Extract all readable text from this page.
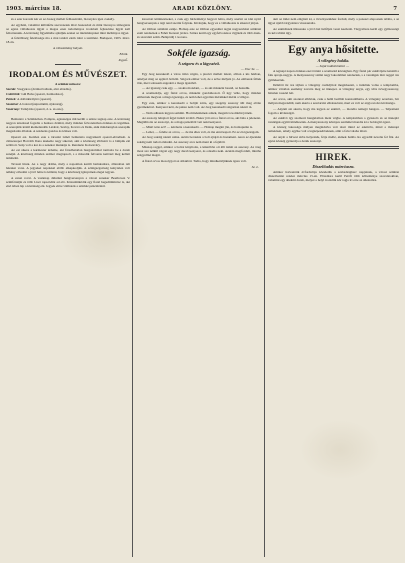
1903. március 18.	ARADI KÖZLÖNY.	7

és a ezer koronát kér ez az összeg mellett felhasználni, bizonyára igen csekély.

Az egyházi, valamint különféle szervezetek által összeadott és mint bizonyos támogatás az egész vállalkozás ügyét a magas ezen tudományos irodalom fejlesztése ügyét kell feltartanunk. A közönség figyelmébe ajánljuk ezeket az intézményeket mint méltányos ügyet.

A felsőbbség felelőssége ma a mai tanítói elem iránt a testületé. Budapest, 1903. márc. 18-án.

A választmány helyett.

Elnök.
Jegyző.
IRODALOM ÉS MŰVÉSZET.
A színház műsora:

Szerda: Vasgyáros (drámai ballada, első előadás).

Csütörtök: Gül Baba (operett, harmadszor).

Péntek: A dollárkirálynő (operett).

Szombat: A bolond (népszínmű, újdonság).

Vasárnap: Tatárjárás (operett, d. u. és este).

Bemutató a Színházban. Pompás, egészséges mű került a színre tegnap este. A közönség nagyon tetszéssel fogadta a hatásos drámát, mely minden felvonásában érdekes és izgalmas. A szereplők közül kiemelendők Latabár, Szalay, Kovács és Deák, akik mindannyian szerepük magaslatán állottak. A rendezés gondos és ízléses volt.

Operett est. Kedden este a társulat ismét bemutatta nagysikerű operett-előadását. A címszerepet Horváth Ilona énekelte nagy sikerrel, akit a közönség többször is a lámpák elé szólított. Szép volt a kar és a zenekar munkája is. Rendezte Kolozsváry.

Az est sikere a karmester érdeme, aki fáradhatatlan buzgalommal tanította be a darab zenéjét. A közönség minden számot megtapsolt, s a második felvonás kettősét meg kellett ismételni.

Tavaszi hírek. Az a nagy dráma, mely a napokban került bemutatásra, állandóan telt házakat vonz. A jegyeket napokkal előbb elkapkodják. A színigazgatóság kénytelen volt néhány előadást a jövő hétre is kitűzni, hogy a közönség igényeinek eleget tegyen.

A zenei rovat. A vasárnap délutáni hangversenyen a városi zenekar Beethoven V. szimfóniáját és több Liszt rapszódiát ad elő. Közreműködik egy fiatal hegedűművész is, aki első ízben lép a közönség elé. Jegyek előre válthatók a színház pénztáránál.

kiosztott kitüntetéseket, s csak egy hirdetményt hagyott hátra, mely szerint az idei nyári hangversenyek a régi rend szerint folynak. Kívánjuk, hogy ez a vállalkozás is sikerrel járjon.

Az Otthon színházi estéje. Holnap este az Otthon egyesület tagjai nagyszabású színházi estét rendeznek a Fehér Kereszt javára. Színre kerül egy egyfelvonásos vígjáték és több ének- és szavalati szám. Belépődíj 1 korona.

Sokféle igazság.
A szigoru és a lágyszívű.
— Irta: Sz. —

Egy öreg kereskedő a város túlsó végén, a piactér mellett lakott, abban a kis házban, amelyet még az apjától örökölt. Szigorú ember volt, de a szíve mélyén jó. Az emberek féltek tőle, mert sohasem engedett a maga igazából.

— Az igazság csak egy, — szokta mondani, — és aki másként beszél, az hazudik.

A szomszédja, egy fiatal orvos, másként gondolkozott. Ő úgy vélte, hogy minden embernek megvan a maga igazsága, és nem lehet egyetlen mértékkel mérni a világot.

Egy este, amikor a kereskedő a boltját zárta, egy szegény asszony állt meg előtte gyermekével. Kenyeret kért, de pénze nem volt. Az öreg kereskedő szigorúan nézett rá.

— Nem adhatok ingyen semmit. Ha mindenkinek adnék, magam is koldulni járnék.

Az asszony lehajtott fejjel indult tovább. Ekkor jött arra a fiatal orvos, aki látta a jelenetet. Megállította az asszonyt, és a maga pénzéből vett neki kenyeret.

— Miért tette ezt? — kérdezte a kereskedő. — Holnap megint jön, és holnapután is.

— Lehet, — felelte az orvos, — de ma éhes volt, és ma enni kapott. Ez az én igazságom.

Az öreg sokáig nézett utána. Aztán becsukta a bolt ajtaját és hazament. Azon az éjszakán sokáig nem tudott elaludni. Az asszony arca nem ment ki a fejéből.

Másnap reggel, amikor a boltot kinyitotta, a küszöbön ott állt ismét az asszony. Az öreg most szó nélkül vágott egy nagy darab kenyeret, és odaadta neki. Azután megfordult, mintha szégyellné magát.

A fiatal orvos mosolygott az ablakból. Tudta, hogy mindkettőjüknek igaza volt.

Sz. L.

akit az ítélet nem elégített ki, a törvényszékhez fordult, mely a panaszt alaposnak találta, s az ügyet újabb tárgyalásra visszautalta.

Az esküdtszék ülésszaka a jövő hét hétfőjén veszi kezdetét. Tárgyalásra kerül egy gyilkossági és két rablási ügy.

Egy anya hősitette.
A vőlegény halála.
— Saját tudósítónktól. —

A tegnapi napon érdekes eset történt a szomszéd községben. Egy fiatal pár esküvőjére készült a falu apraja-nagyja. A menyasszony szülei nagy lakodalmat rendeztek, s a vendégek már reggel óta gyülekeztek.

Délelőtt tíz óra tájban a vőlegény családjával megérkezett, s indultak volna a templomba, amikor váratlan esemény zavarta meg az ünnepet. A vőlegény anyja, egy idős özvegyasszony, hirtelen rosszul lett.

Az orvos, akit azonnal elhívtak, csak a halál beálltát konstatálhatta. A vőlegény azonban, bár mélyen megrendült, nem akarta a szertartást elhalasztani, mert ez volt az anyja utolsó kívánsága.

— Anyám azt akarta, hogy ma legyen az esküvő, — mondta remegő hangon. — Teljesíteni fogom a kívánságát.

Az esküvő így szomorú hangulatban ment végbe. A templomban a gyászoló és az ünneplő vendégek együtt imádkoztak. A menyasszony könnyes szemmel mondta ki a boldogító igent.

A község lakossága mélyen megindulva vett részt mind az esküvőn, mind a másnapi temetésen, amely egyike volt a legnépesebbeknek, amit a falu valaha látott.

Az anyát a hitvesi sírba helyezték, férje mellé, akinek halála óta egyedül nevelte fel fiát. Az egész község gyászolja a derék asszonyt.

HIREK.
Díszelőadás márciusra.

Amikor hatvanötik évfordulója közeledik a szabadságharc napjainak, a városi színház díszelőadást rendez március 15-én. Előadásra kerül Petőfi több költeménye szavalatokban, valamint egy alkalmi darab, melyet a helyi irodalmi kör tagja írt erre az alkalomra.
